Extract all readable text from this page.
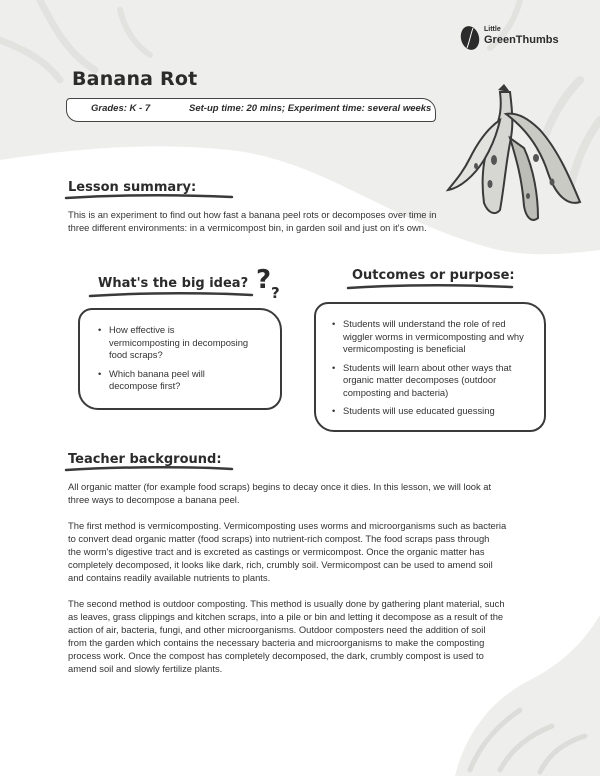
Little
GreenThumbs
Banana Rot
Grades: K - 7	Set-up time: 20 mins; Experiment time: several weeks
Lesson summary:
This is an experiment to find out how fast a banana peel rots or decomposes over time in
three different environments: in a vermicompost bin, in garden soil and just on it's own.
What's the big idea? ? ?
• How effective is
vermicomposting in decomposing
food scraps?
• Which banana peel will
decompose first?
Outcomes or purpose:
• Students will understand the role of red
wiggler worms in vermicomposting and why
vermicomposting is beneficial
• Students will learn about other ways that
organic matter decomposes (outdoor
composting and bacteria)
• Students will use educated guessing
Teacher background:
All organic matter (for example food scraps) begins to decay once it dies. In this lesson, we will look at
three ways to decompose a banana peel.
The first method is vermicomposting. Vermicomposting uses worms and microorganisms such as bacteria
to convert dead organic matter (food scraps) into nutrient-rich compost. The food scraps pass through
the worm's digestive tract and is excreted as castings or vermicompost. Once the organic matter has
completely decomposed, it looks like dark, rich, crumbly soil. Vermicompost can be used to amend soil
and contains readily available nutrients to plants.
The second method is outdoor composting. This method is usually done by gathering plant material, such
as leaves, grass clippings and kitchen scraps, into a pile or bin and letting it decompose as a result of the
action of air, bacteria, fungi, and other microorganisms. Outdoor composters need the addition of soil
from the garden which contains the necessary bacteria and microorganisms to make the composting
process work. Once the compost has completely decomposed, the dark, crumbly compost is used to
amend soil and slowly fertilize plants.
